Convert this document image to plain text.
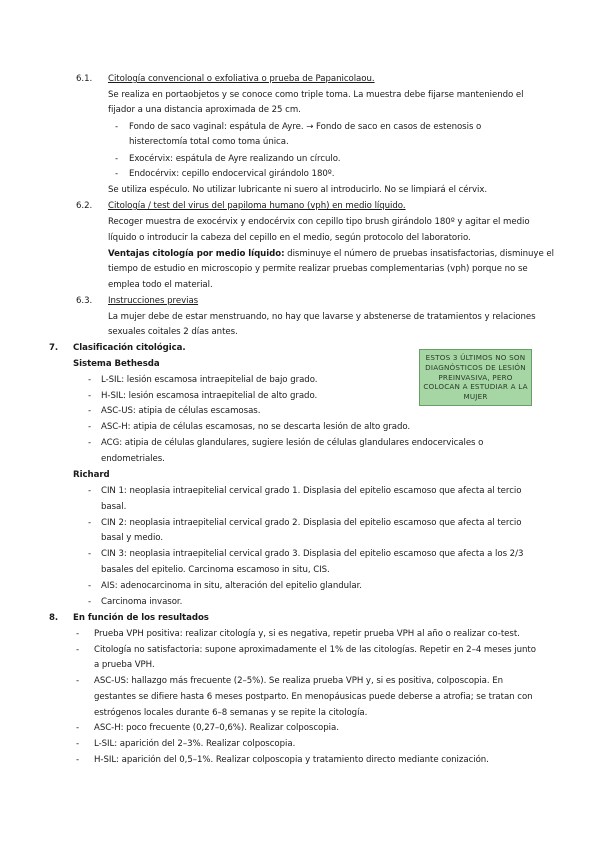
6.1. Citología convencional o exfoliativa o prueba de Papanicolaou.
Se realiza en portaobjetos y se conoce como triple toma. La muestra debe fijarse manteniendo el
fijador a una distancia aproximada de 25 cm.
- Fondo de saco vaginal: espátula de Ayre. → Fondo de saco en casos de estenosis o
histerectomía total como toma única.
- Exocérvix: espátula de Ayre realizando un círculo.
- Endocérvix: cepillo endocervical girándolo 180º.
Se utiliza espéculo. No utilizar lubricante ni suero al introducirlo. No se limpiará el cérvix.
6.2. Citología / test del virus del papiloma humano (vph) en medio líquido.
Recoger muestra de exocérvix y endocérvix con cepillo tipo brush girándolo 180º y agitar el medio
líquido o introducir la cabeza del cepillo en el medio, según protocolo del laboratorio.
Ventajas citología por medio líquido: disminuye el número de pruebas insatisfactorias, disminuye el
tiempo de estudio en microscopio y permite realizar pruebas complementarias (vph) porque no se
emplea todo el material.
6.3. Instrucciones previas
La mujer debe de estar menstruando, no hay que lavarse y abstenerse de tratamientos y relaciones
sexuales coitales 2 días antes.
7. Clasificación citológica.
Sistema Bethesda
- L-SIL: lesión escamosa intraepitelial de bajo grado.
- H-SIL: lesión escamosa intraepitelial de alto grado.
- ASC-US: atipia de células escamosas.
- ASC-H: atipia de células escamosas, no se descarta lesión de alto grado.
- ACG: atipia de células glandulares, sugiere lesión de células glandulares endocervicales o
endometriales.
ESTOS 3 ÚLTIMOS NO SON DIAGNÓSTICOS DE LESIÓN PREINVASIVA, PERO COLOCAN A ESTUDIAR A LA MUJER
Richard
- CIN 1: neoplasia intraepitelial cervical grado 1. Displasia del epitelio escamoso que afecta al tercio
basal.
- CIN 2: neoplasia intraepitelial cervical grado 2. Displasia del epitelio escamoso que afecta al tercio
basal y medio.
- CIN 3: neoplasia intraepitelial cervical grado 3. Displasia del epitelio escamoso que afecta a los 2/3
basales del epitelio. Carcinoma escamoso in situ, CIS.
- AIS: adenocarcinoma in situ, alteración del epitelio glandular.
- Carcinoma invasor.
8. En función de los resultados
- Prueba VPH positiva: realizar citología y, si es negativa, repetir prueba VPH al año o realizar co-test.
- Citología no satisfactoria: supone aproximadamente el 1% de las citologías. Repetir en 2–4 meses junto
a prueba VPH.
- ASC-US: hallazgo más frecuente (2–5%). Se realiza prueba VPH y, si es positiva, colposcopia. En
gestantes se difiere hasta 6 meses postparto. En menopáusicas puede deberse a atrofia; se tratan con
estrógenos locales durante 6–8 semanas y se repite la citología.
- ASC-H: poco frecuente (0,27–0,6%). Realizar colposcopia.
- L-SIL: aparición del 2–3%. Realizar colposcopia.
- H-SIL: aparición del 0,5–1%. Realizar colposcopia y tratamiento directo mediante conización.
